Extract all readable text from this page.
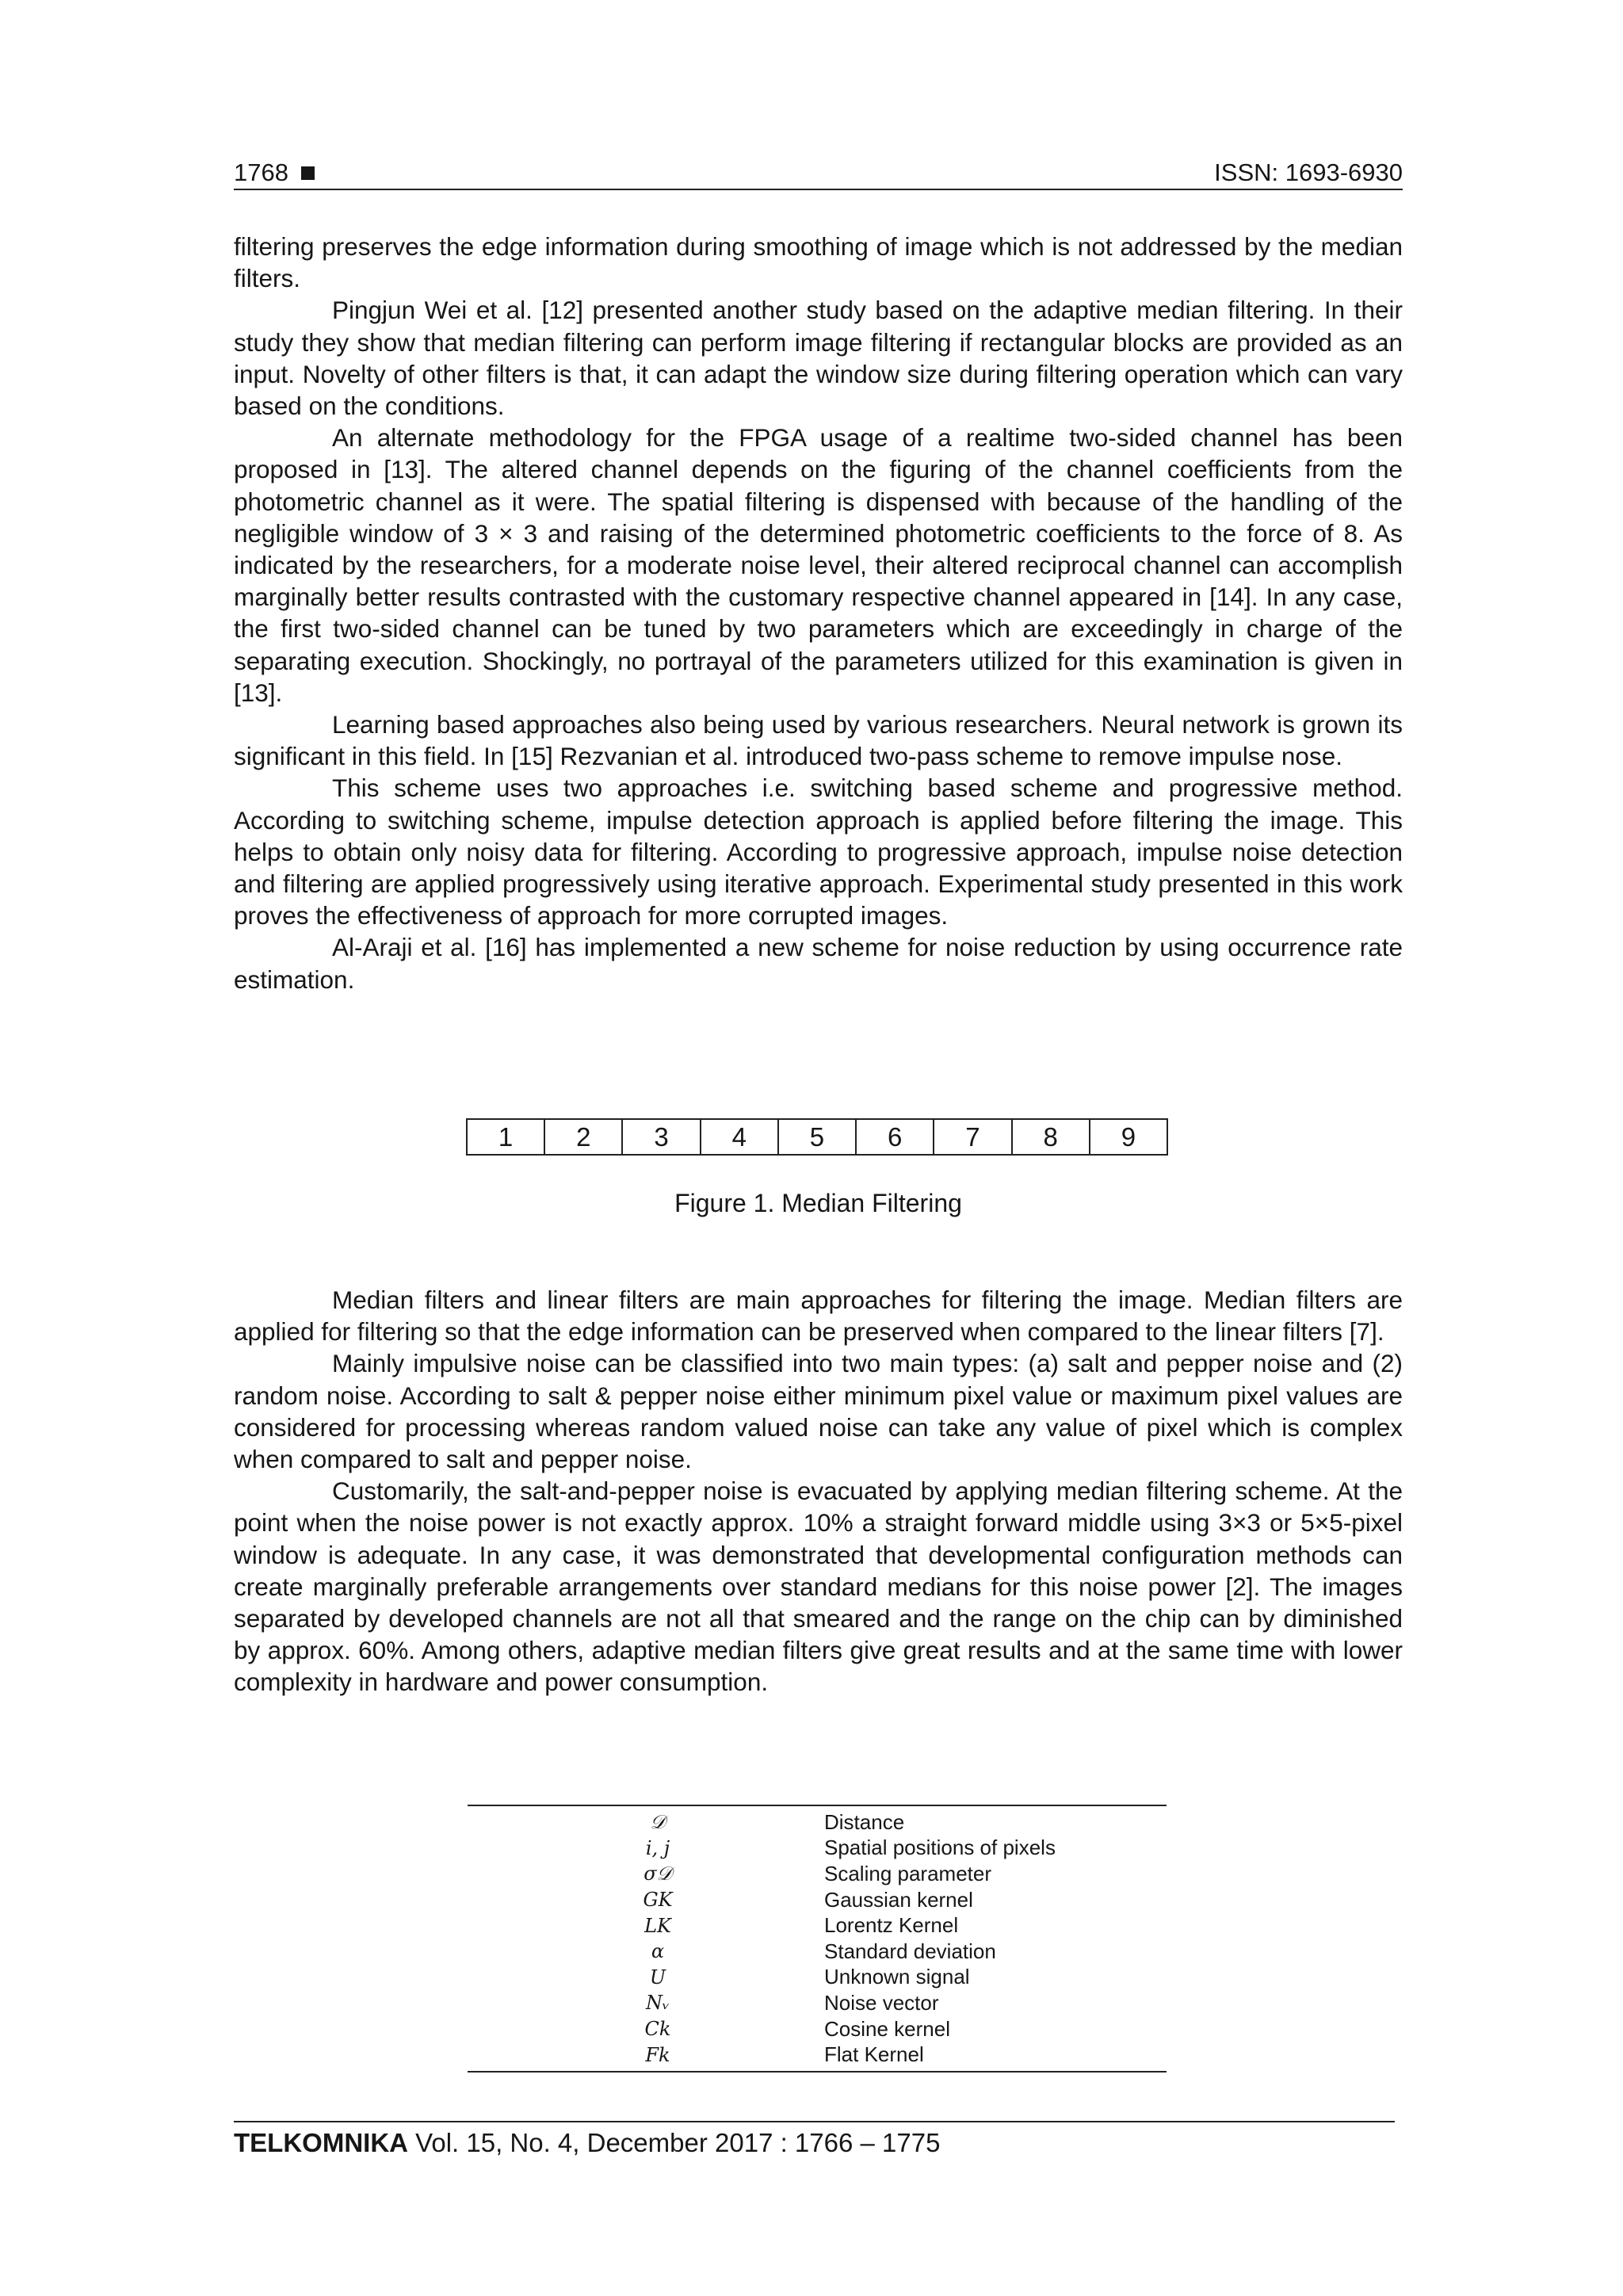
1768	ISSN: 1693-6930

filtering preserves the edge information during smoothing of image which is not addressed by the median filters.

Pingjun Wei et al. [12] presented another study based on the adaptive median filtering. In their study they show that median filtering can perform image filtering if rectangular blocks are provided as an input. Novelty of other filters is that, it can adapt the window size during filtering operation which can vary based on the conditions.

An alternate methodology for the FPGA usage of a realtime two-sided channel has been proposed in [13]. The altered channel depends on the figuring of the channel coefficients from the photometric channel as it were. The spatial filtering is dispensed with because of the handling of the negligible window of 3 × 3 and raising of the determined photometric coefficients to the force of 8. As indicated by the researchers, for a moderate noise level, their altered reciprocal channel can accomplish marginally better results contrasted with the customary respective channel appeared in [14]. In any case, the first two-sided channel can be tuned by two parameters which are exceedingly in charge of the separating execution. Shockingly, no portrayal of the parameters utilized for this examination is given in [13].

Learning based approaches also being used by various researchers. Neural network is grown its significant in this field. In [15] Rezvanian et al. introduced two-pass scheme to remove impulse nose.

This scheme uses two approaches i.e. switching based scheme and progressive method. According to switching scheme, impulse detection approach is applied before filtering the image. This helps to obtain only noisy data for filtering. According to progressive approach, impulse noise detection and filtering are applied progressively using iterative approach. Experimental study presented in this work proves the effectiveness of approach for more corrupted images.

Al-Araji et al. [16] has implemented a new scheme for noise reduction by using occurrence rate estimation.

1	2	3	4	5	6	7	8	9
Figure 1. Median Filtering

Median filters and linear filters are main approaches for filtering the image. Median filters are applied for filtering so that the edge information can be preserved when compared to the linear filters [7].

Mainly impulsive noise can be classified into two main types: (a) salt and pepper noise and (2) random noise. According to salt & pepper noise either minimum pixel value or maximum pixel values are considered for processing whereas random valued noise can take any value of pixel which is complex when compared to salt and pepper noise.

Customarily, the salt-and-pepper noise is evacuated by applying median filtering scheme. At the point when the noise power is not exactly approx. 10% a straight forward middle using 3×3 or 5×5-pixel window is adequate. In any case, it was demonstrated that developmental configuration methods can create marginally preferable arrangements over standard medians for this noise power [2]. The images separated by developed channels are not all that smeared and the range on the chip can by diminished by approx. 60%. Among others, adaptive median filters give great results and at the same time with lower complexity in hardware and power consumption.

𝒟	Distance
i, j	Spatial positions of pixels
σ𝒟	Scaling parameter
GK	Gaussian kernel
LK	Lorentz Kernel
α	Standard deviation
U	Unknown signal
Nᵥ	Noise vector
Ck	Cosine kernel
Fk	Flat Kernel
TELKOMNIKA Vol. 15, No. 4, December 2017 : 1766 – 1775
